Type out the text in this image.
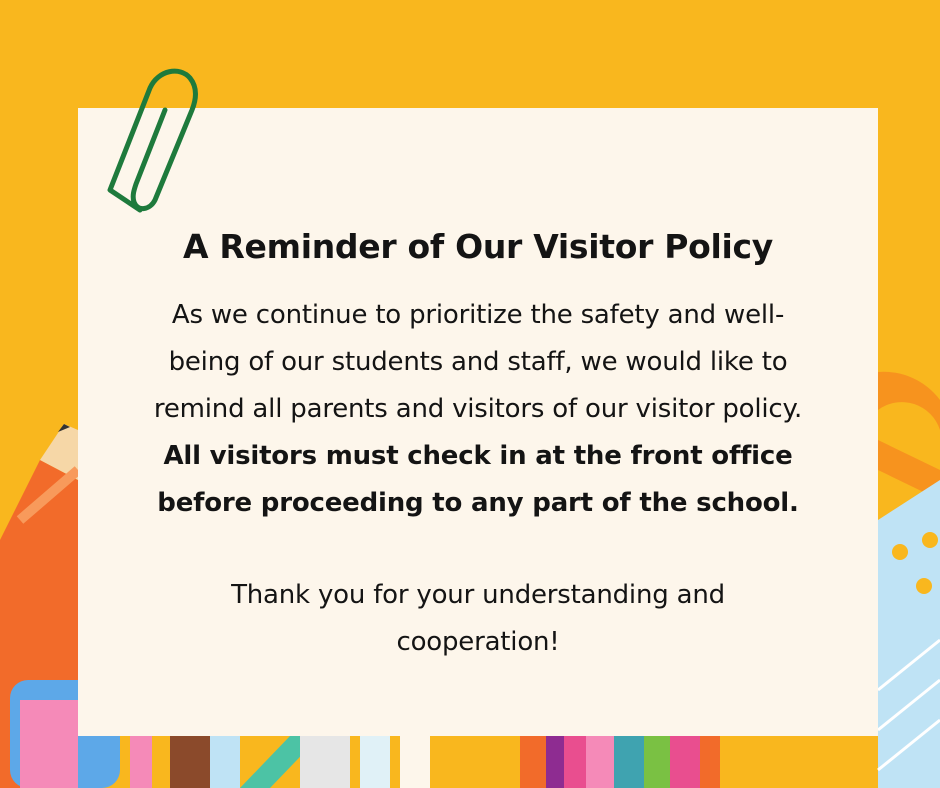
A Reminder of Our Visitor Policy

As we continue to prioritize the safety and well-

being of our students and staff, we would like to

remind all parents and visitors of our visitor policy.

All visitors must check in at the front office

before proceeding to any part of the school.

Thank you for your understanding and
cooperation!
